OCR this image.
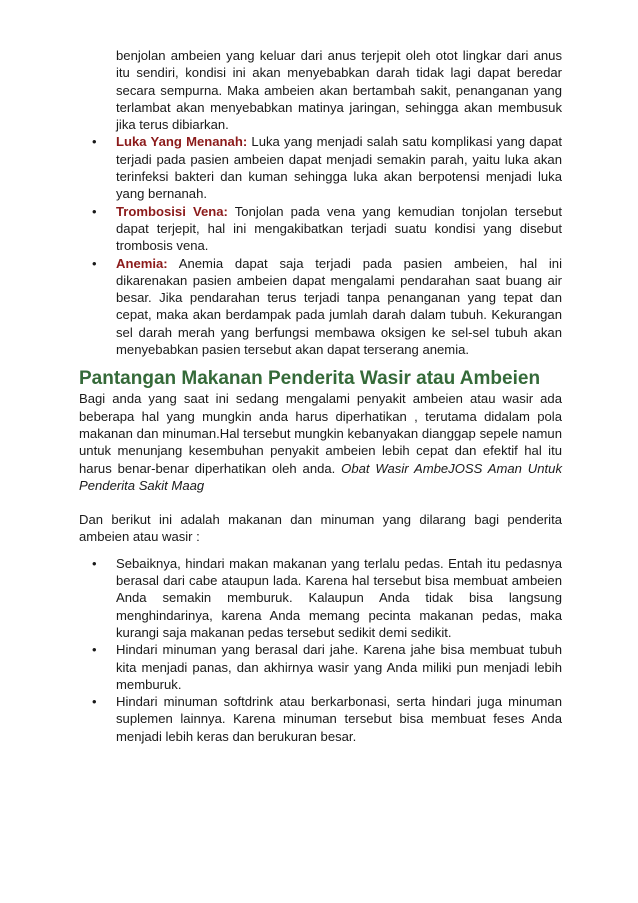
benjolan ambeien yang keluar dari anus terjepit oleh otot lingkar dari anus itu sendiri, kondisi ini akan menyebabkan darah tidak lagi dapat beredar secara sempurna. Maka ambeien akan bertambah sakit, penanganan yang terlambat akan menyebabkan matinya jaringan, sehingga akan membusuk jika terus dibiarkan.

• Luka Yang Menanah: Luka yang menjadi salah satu komplikasi yang dapat terjadi pada pasien ambeien dapat menjadi semakin parah, yaitu luka akan terinfeksi bakteri dan kuman sehingga luka akan berpotensi menjadi luka yang bernanah.
• Trombosisi Vena: Tonjolan pada vena yang kemudian tonjolan tersebut dapat terjepit, hal ini mengakibatkan terjadi suatu kondisi yang disebut trombosis vena.
• Anemia: Anemia dapat saja terjadi pada pasien ambeien, hal ini dikarenakan pasien ambeien dapat mengalami pendarahan saat buang air besar. Jika pendarahan terus terjadi tanpa penanganan yang tepat dan cepat, maka akan berdampak pada jumlah darah dalam tubuh. Kekurangan sel darah merah yang berfungsi membawa oksigen ke sel-sel tubuh akan menyebabkan pasien tersebut akan dapat terserang anemia.
Pantangan Makanan Penderita Wasir atau Ambeien

Bagi anda yang saat ini sedang mengalami penyakit ambeien atau wasir ada beberapa hal yang mungkin anda harus diperhatikan , terutama didalam pola makanan dan minuman.Hal tersebut mungkin kebanyakan dianggap sepele namun untuk menunjang kesembuhan penyakit ambeien lebih cepat dan efektif hal itu harus benar-benar diperhatikan oleh anda. Obat Wasir AmbeJOSS Aman Untuk Penderita Sakit Maag

Dan berikut ini adalah makanan dan minuman yang dilarang bagi penderita ambeien atau wasir :

• Sebaiknya, hindari makan makanan yang terlalu pedas. Entah itu pedasnya berasal dari cabe ataupun lada. Karena hal tersebut bisa membuat ambeien Anda semakin memburuk. Kalaupun Anda tidak bisa langsung menghindarinya, karena Anda memang pecinta makanan pedas, maka kurangi saja makanan pedas tersebut sedikit demi sedikit.
• Hindari minuman yang berasal dari jahe. Karena jahe bisa membuat tubuh kita menjadi panas, dan akhirnya wasir yang Anda miliki pun menjadi lebih memburuk.
• Hindari minuman softdrink atau berkarbonasi, serta hindari juga minuman suplemen lainnya. Karena minuman tersebut bisa membuat feses Anda menjadi lebih keras dan berukuran besar.
